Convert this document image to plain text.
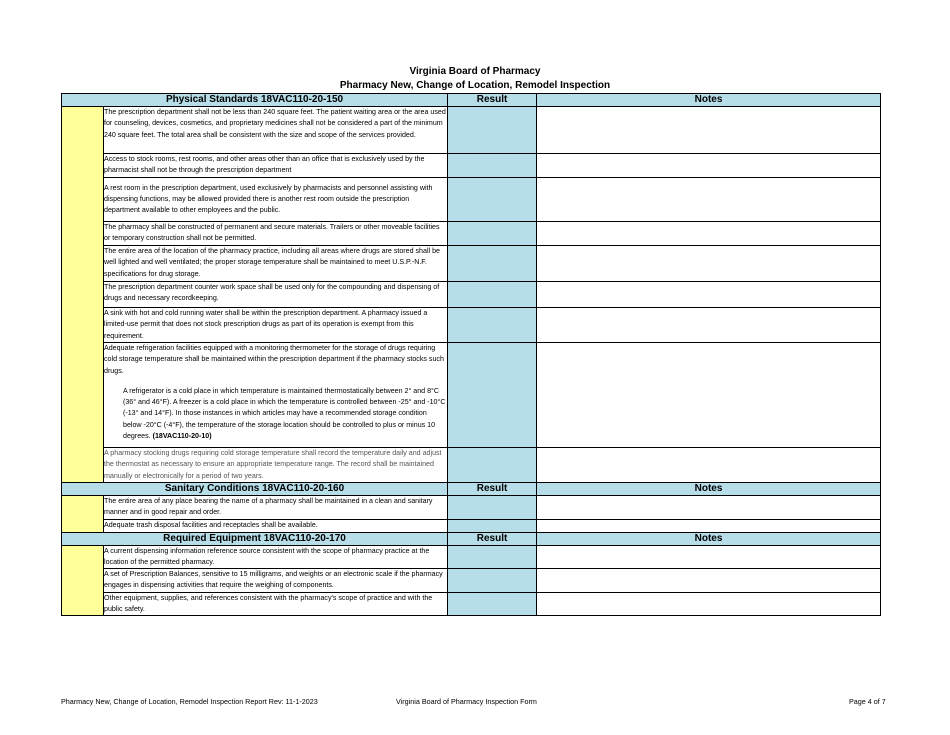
Virginia Board of Pharmacy
Pharmacy New, Change of Location, Remodel Inspection
Physical Standards 18VAC110-20-150		Result	Notes
	The prescription department shall not be less than 240 square feet. The patient waiting area or the area used for counseling, devices, cosmetics, and proprietary medicines shall not be considered a part of the minimum 240 square feet. The total area shall be consistent with the size and scope of the services provided.		
	Access to stock rooms, rest rooms, and other areas other than an office that is exclusively used by the pharmacist shall not be through the prescription department		
	A rest room in the prescription department, used exclusively by pharmacists and personnel assisting with dispensing functions, may be allowed provided there is another rest room outside the prescription department available to other employees and the public.		
	The pharmacy shall be constructed of permanent and secure materials. Trailers or other moveable facilities or temporary construction shall not be permitted.		
	The entire area of the location of the pharmacy practice, including all areas where drugs are stored shall be well lighted and well ventilated; the proper storage temperature shall be maintained to meet U.S.P.-N.F. specifications for drug storage.		
	The prescription department counter work space shall be used only for the compounding and dispensing of drugs and necessary recordkeeping.		
	A sink with hot and cold running water shall be within the prescription department. A pharmacy issued a limited-use permit that does not stock prescription drugs as part of its operation is exempt from this requirement.		
	Adequate refrigeration facilities equipped with a monitoring thermometer for the storage of drugs requiring cold storage temperature shall be maintained within the prescription department if the pharmacy stocks such drugs.
A refrigerator is a cold place in which temperature is maintained thermostatically between 2° and 8°C (36° and 46°F). A freezer is a cold place in which the temperature is controlled between -25° and -10°C (-13° and 14°F). In those instances in which articles may have a recommended storage condition below -20°C (-4°F), the temperature of the storage location should be controlled to plus or minus 10 degrees. (18VAC110-20-10)		

	A pharmacy stocking drugs requiring cold storage temperature shall record the temperature daily and adjust the thermostat as necessary to ensure an appropriate temperature range. The record shall be maintained manually or electronically for a period of two years.		
Sanitary Conditions 18VAC110-20-160		Result	Notes
	The entire area of any place bearing the name of a pharmacy shall be maintained in a clean and sanitary manner and in good repair and order.		
	Adequate trash disposal facilities and receptacles shall be available.		
Required Equipment 18VAC110-20-170		Result	Notes
	A current dispensing information reference source consistent with the scope of pharmacy practice at the location of the permitted pharmacy.		
	A set of Prescription Balances, sensitive to 15 milligrams, and weights or an electronic scale if the pharmacy engages in dispensing activities that require the weighing of components.		
	Other equipment, supplies, and references consistent with the pharmacy's scope of practice and with the public safety.		
Pharmacy New, Change of Location, Remodel Inspection Report Rev: 11-1-2023	Virginia Board of Pharmacy Inspection Form	Page 4 of 7
